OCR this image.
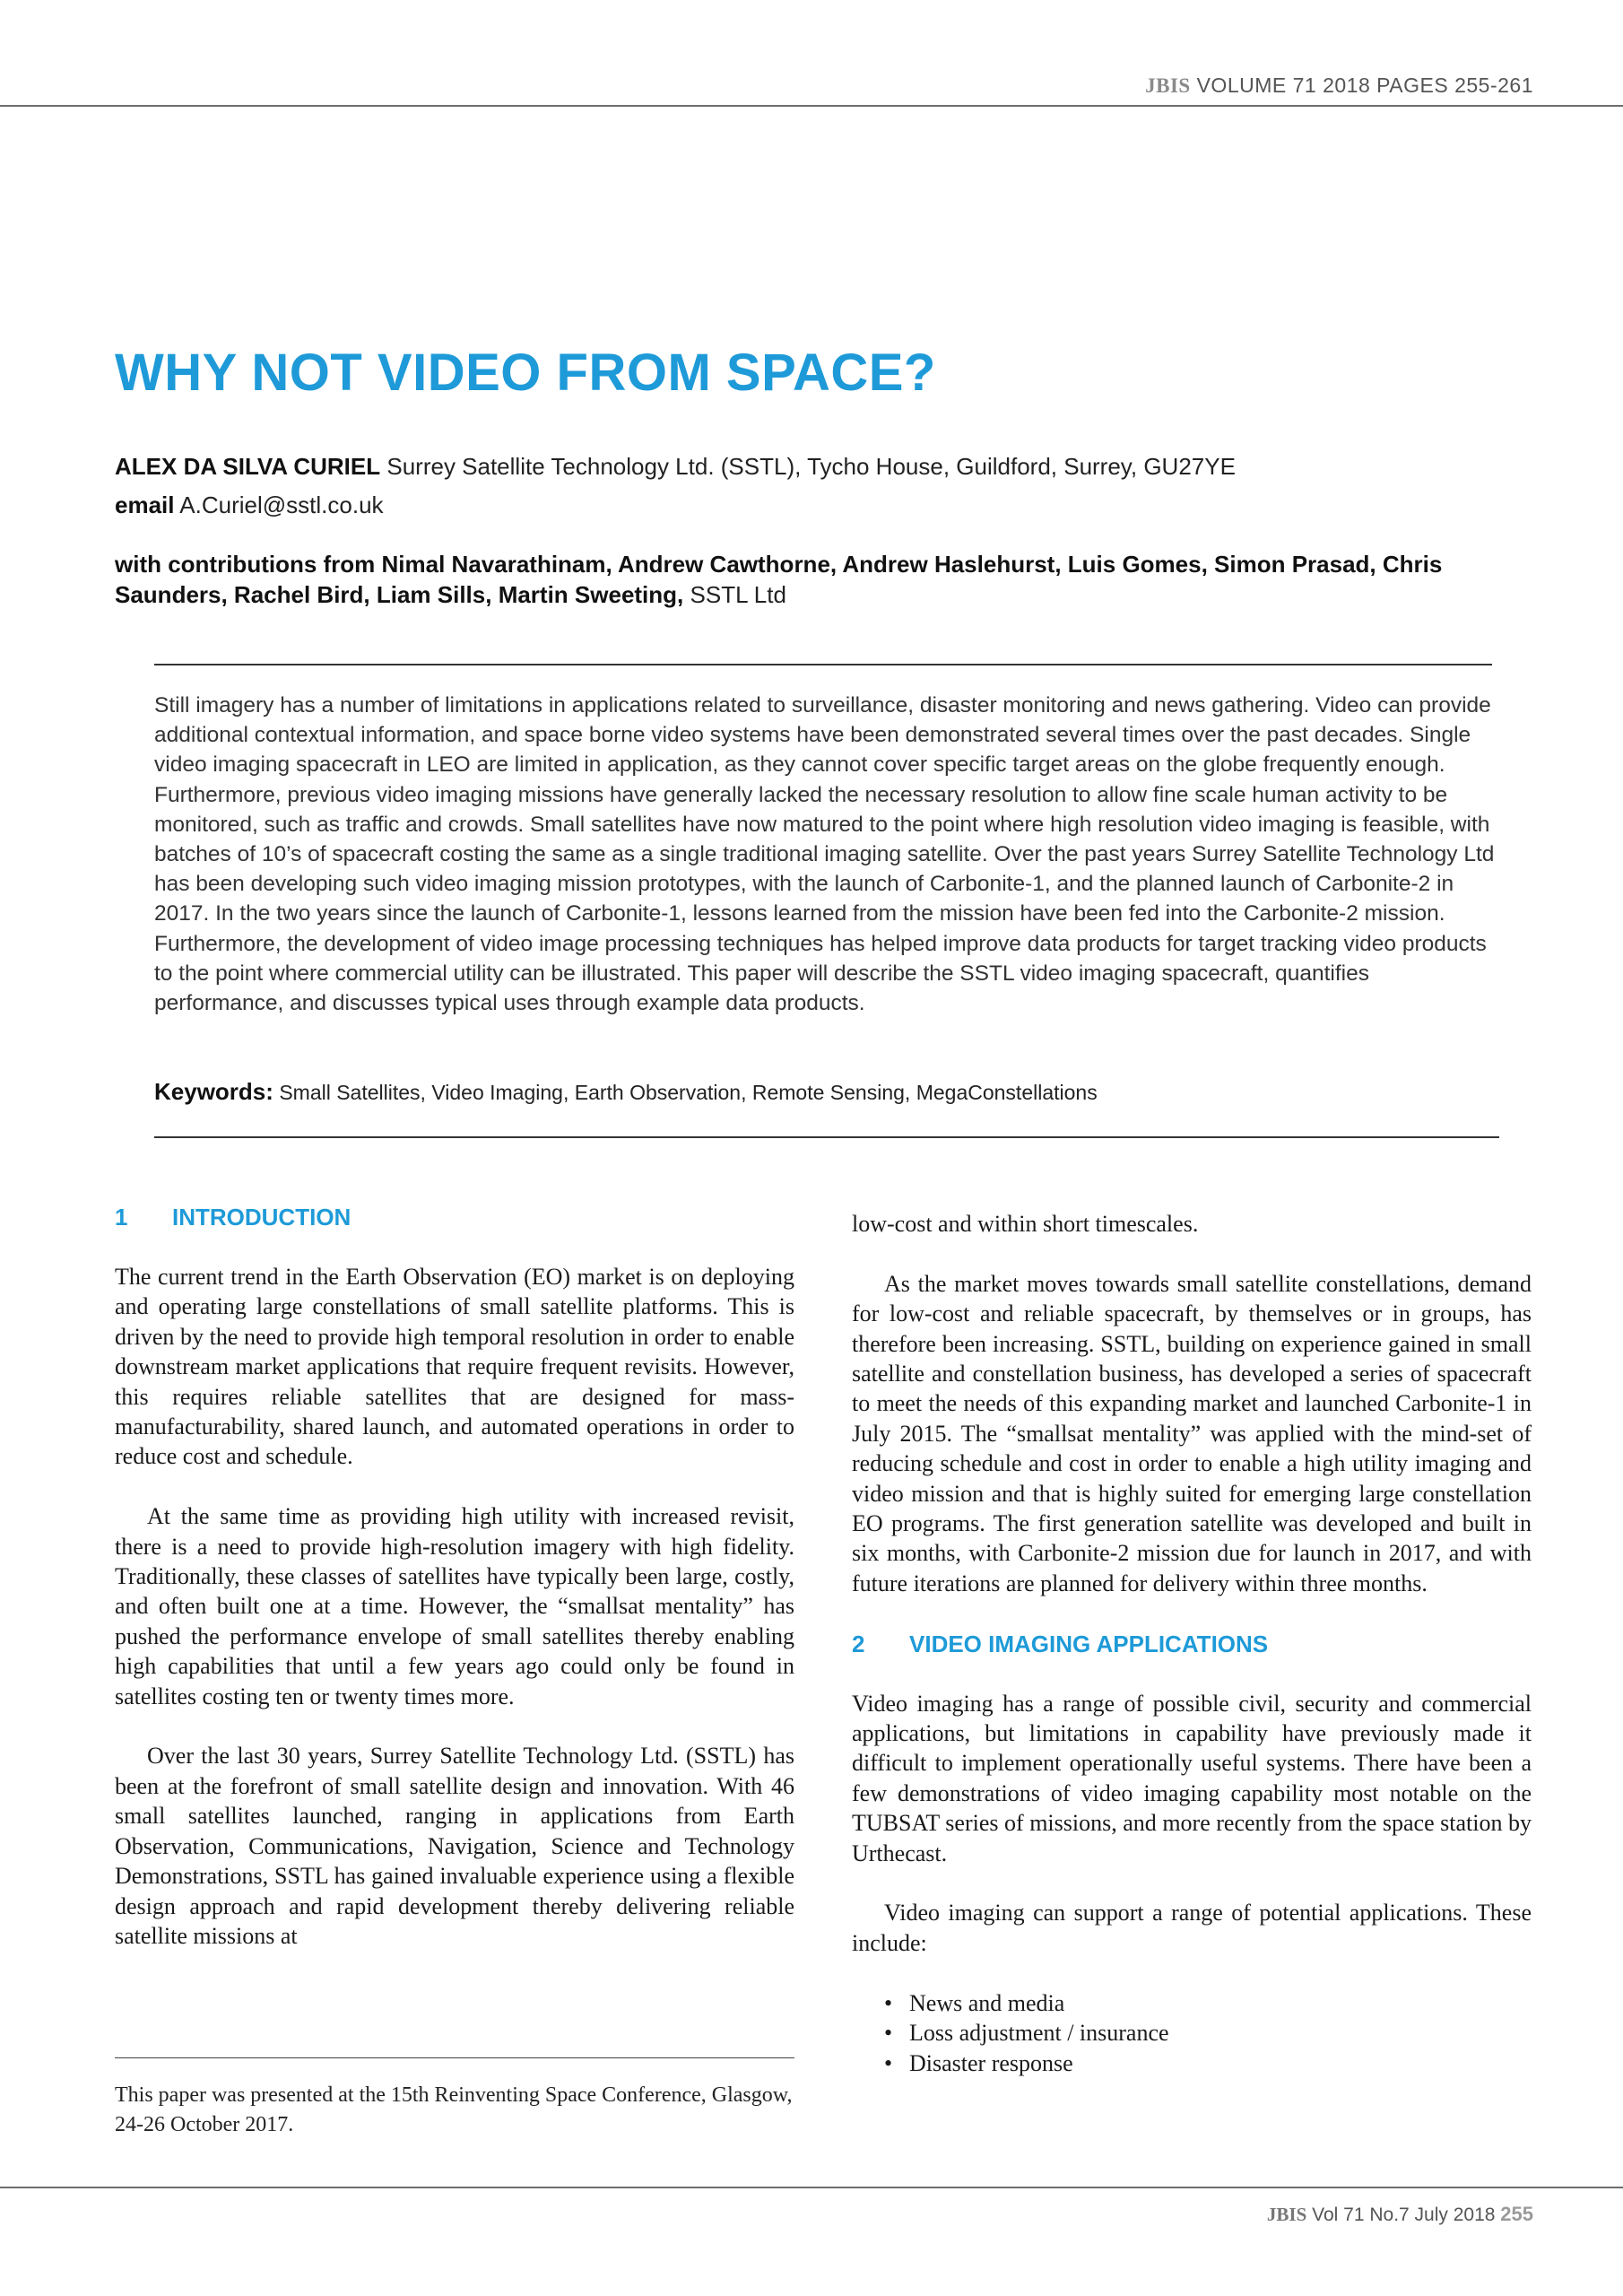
JBIS VOLUME 71 2018 PAGES 255-261
WHY NOT VIDEO FROM SPACE?
ALEX DA SILVA CURIEL Surrey Satellite Technology Ltd. (SSTL), Tycho House, Guildford, Surrey, GU27YE
email A.Curiel@sstl.co.uk
with contributions from Nimal Navarathinam, Andrew Cawthorne, Andrew Haslehurst, Luis Gomes, Simon Prasad, Chris Saunders, Rachel Bird, Liam Sills, Martin Sweeting, SSTL Ltd

Still imagery has a number of limitations in applications related to surveillance, disaster monitoring and news gathering. Video can provide additional contextual information, and space borne video systems have been demonstrated several times over the past decades. Single video imaging spacecraft in LEO are limited in application, as they cannot cover specific target areas on the globe frequently enough. Furthermore, previous video imaging missions have generally lacked the necessary resolution to allow fine scale human activity to be monitored, such as traffic and crowds. Small satellites have now matured to the point where high resolution video imaging is feasible, with batches of 10’s of spacecraft costing the same as a single traditional imaging satellite. Over the past years Surrey Satellite Technology Ltd has been developing such video imaging mission prototypes, with the launch of Carbonite-1, and the planned launch of Carbonite-2 in 2017. In the two years since the launch of Carbonite-1, lessons learned from the mission have been fed into the Carbonite-2 mission. Furthermore, the development of video image processing techniques has helped improve data products for target tracking video products to the point where commercial utility can be illustrated. This paper will describe the SSTL video imaging spacecraft, quantifies performance, and discusses typical uses through example data products.

Keywords: Small Satellites, Video Imaging, Earth Observation, Remote Sensing, MegaConstellations
1 INTRODUCTION

The current trend in the Earth Observation (EO) market is on deploying and operating large constellations of small satellite platforms. This is driven by the need to provide high temporal resolution in order to enable downstream market applications that require frequent revisits. However, this requires reliable satellites that are designed for mass-manufacturability, shared launch, and automated operations in order to reduce cost and schedule.

At the same time as providing high utility with increased revisit, there is a need to provide high-resolution imagery with high fidelity. Traditionally, these classes of satellites have typically been large, costly, and often built one at a time. However, the “smallsat mentality” has pushed the performance envelope of small satellites thereby enabling high capabilities that until a few years ago could only be found in satellites costing ten or twenty times more.

Over the last 30 years, Surrey Satellite Technology Ltd. (SSTL) has been at the forefront of small satellite design and innovation. With 46 small satellites launched, ranging in applications from Earth Observation, Communications, Navigation, Science and Technology Demonstrations, SSTL has gained invaluable experience using a flexible design approach and rapid development thereby delivering reliable satellite missions at

This paper was presented at the 15th Reinventing Space Conference, Glasgow, 24-26 October 2017.

low-cost and within short timescales.

As the market moves towards small satellite constellations, demand for low-cost and reliable spacecraft, by themselves or in groups, has therefore been increasing. SSTL, building on experience gained in small satellite and constellation business, has developed a series of spacecraft to meet the needs of this expanding market and launched Carbonite-1 in July 2015. The “smallsat mentality” was applied with the mind-set of reducing schedule and cost in order to enable a high utility imaging and video mission and that is highly suited for emerging large constellation EO programs. The first generation satellite was developed and built in six months, with Carbonite-2 mission due for launch in 2017, and with future iterations are planned for delivery within three months.

2 VIDEO IMAGING APPLICATIONS

Video imaging has a range of possible civil, security and commercial applications, but limitations in capability have previously made it difficult to implement operationally useful systems. There have been a few demonstrations of video imaging capability most notable on the TUBSAT series of missions, and more recently from the space station by Urthecast.

Video imaging can support a range of potential applications. These include:

• News and media
• Loss adjustment / insurance
• Disaster response
JBIS Vol 71 No.7 July 2018 255
